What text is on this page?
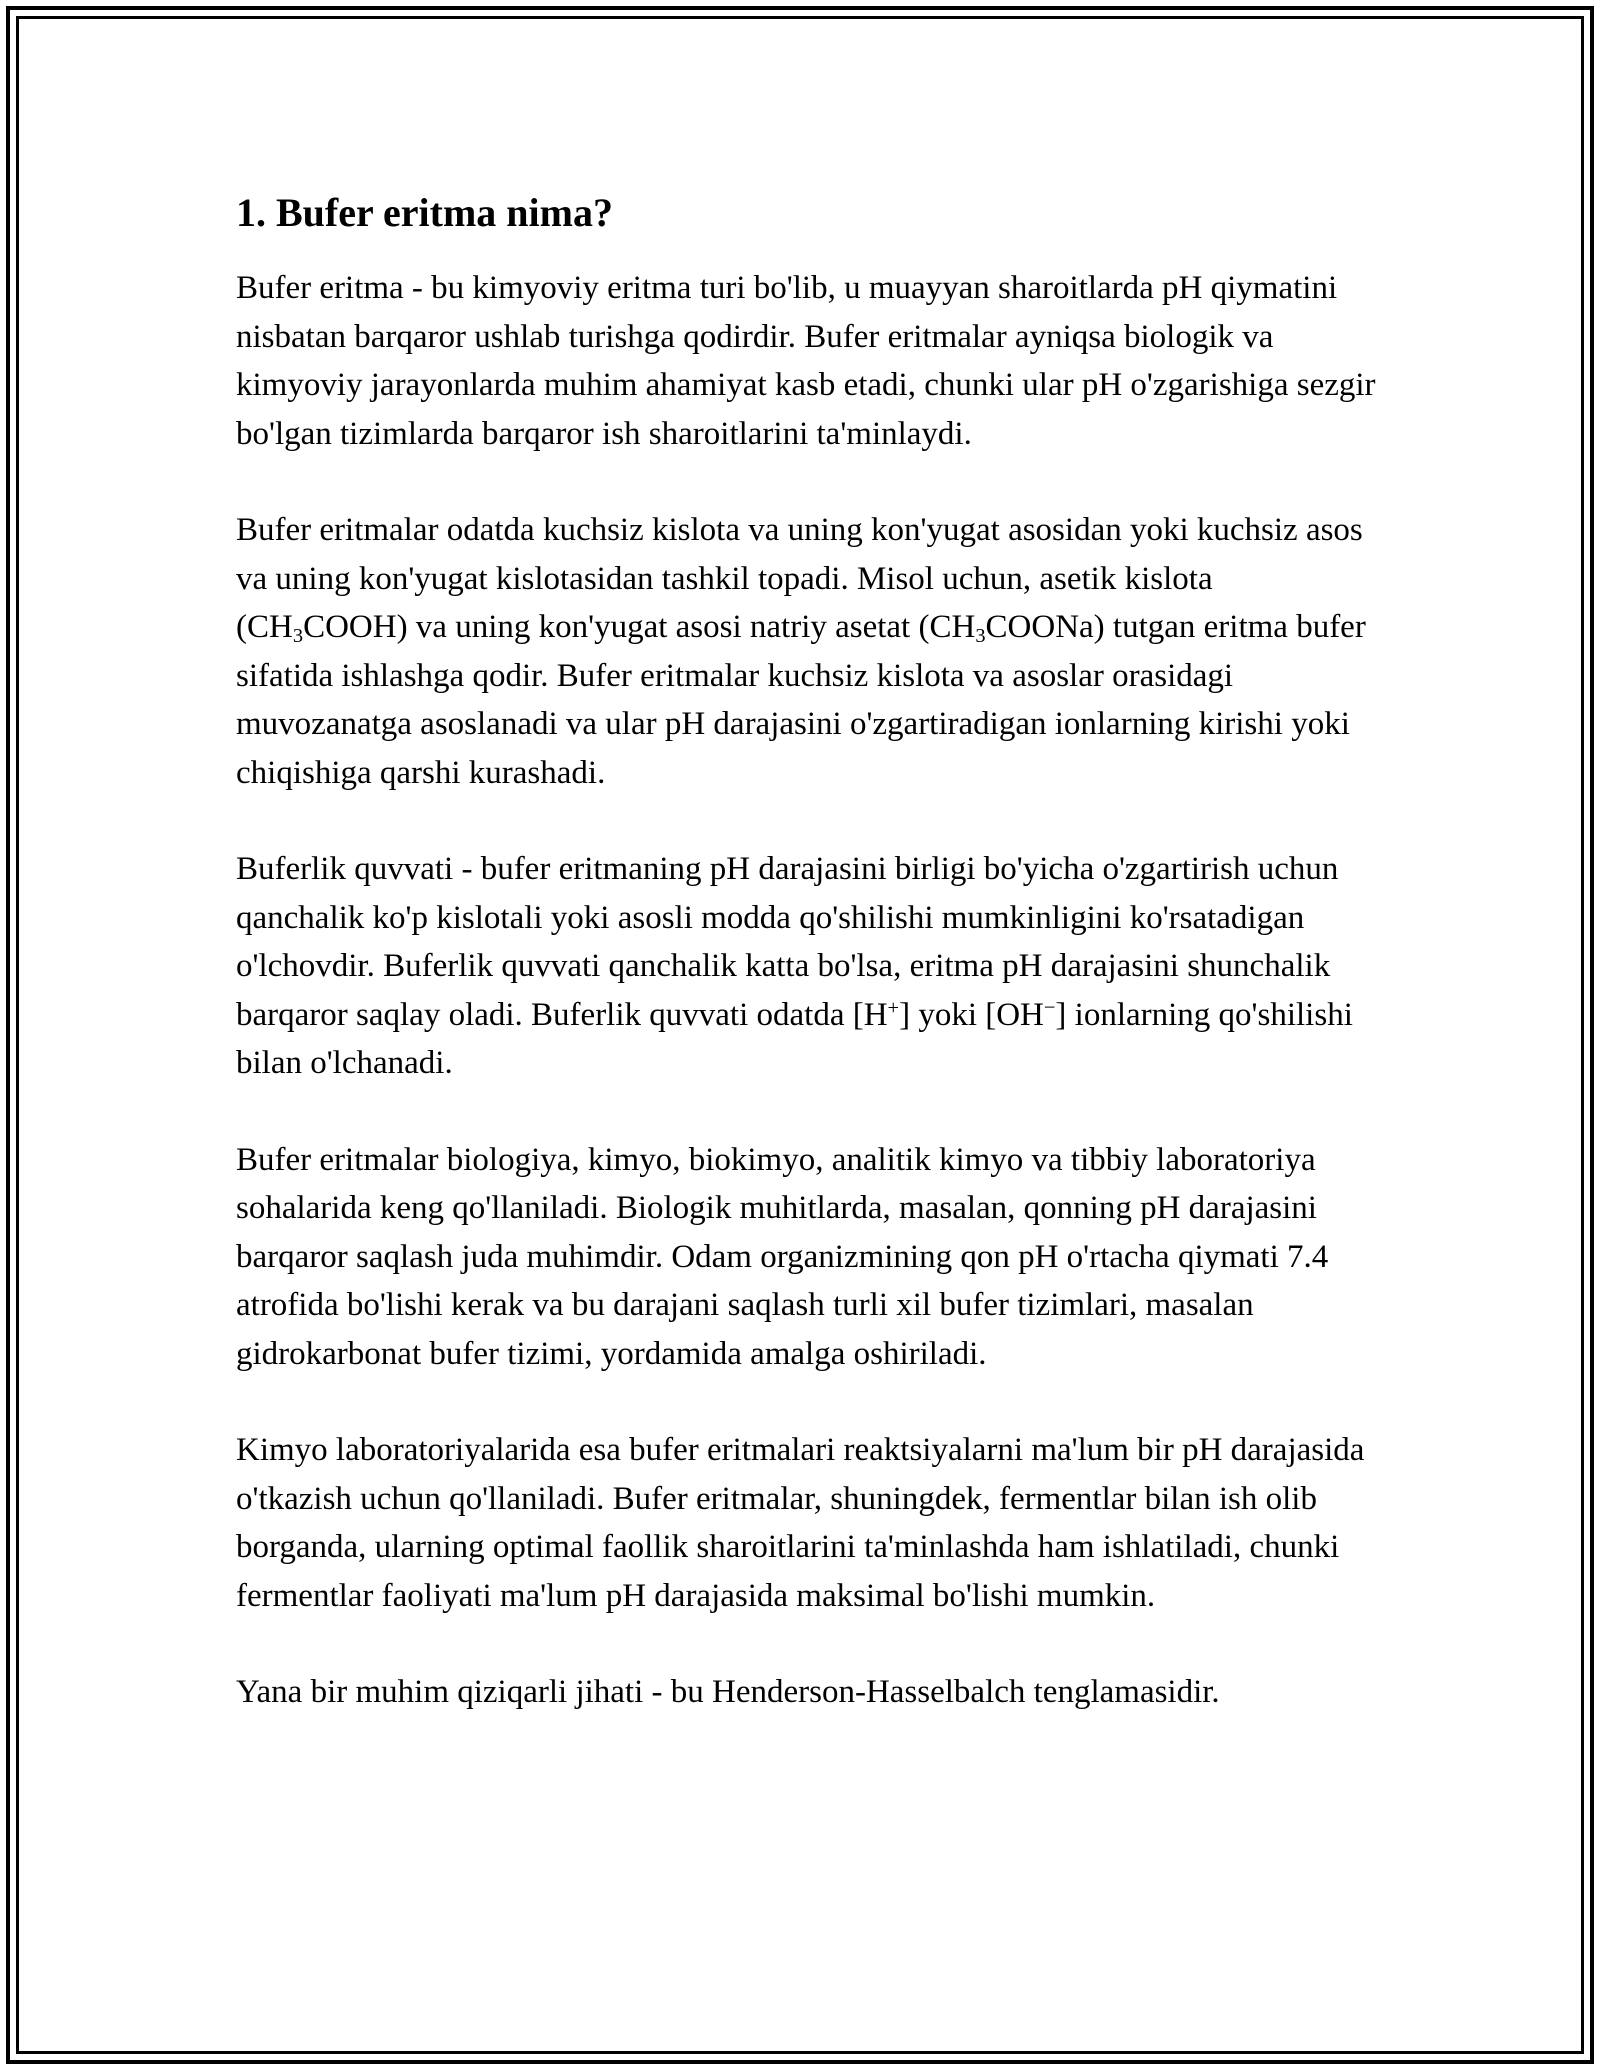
1. Bufer eritma nima?

Bufer eritma - bu kimyoviy eritma turi bo'lib, u muayyan sharoitlarda pH qiymatini nisbatan barqaror ushlab turishga qodirdir. Bufer eritmalar ayniqsa biologik va kimyoviy jarayonlarda muhim ahamiyat kasb etadi, chunki ular pH o'zgarishiga sezgir bo'lgan tizimlarda barqaror ish sharoitlarini ta'minlaydi.

Bufer eritmalar odatda kuchsiz kislota va uning kon'yugat asosidan yoki kuchsiz asos va uning kon'yugat kislotasidan tashkil topadi. Misol uchun, asetik kislota $(CH_3COOH)$ va uning kon'yugat asosi natriy asetat $(CH_3COONa)$ tutgan eritma bufer sifatida ishlashga qodir. Bufer eritmalar kuchsiz kislota va asoslar orasidagi muvozanatga asoslanadi va ular pH darajasini o'zgartiradigan ionlarning kirishi yoki chiqishiga qarshi kurashadi.

Buferlik quvvati - bufer eritmaning pH darajasini birligi bo'yicha o'zgartirish uchun qanchalik ko'p kislotali yoki asosli modda qo'shilishi mumkinligini ko'rsatadigan o'lchovdir. Buferlik quvvati qanchalik katta bo'lsa, eritma pH darajasini shunchalik barqaror saqlay oladi. Buferlik quvvati odatda [H+] yoki [OH−] ionlarning qo'shilishi bilan o'lchanadi.

Bufer eritmalar biologiya, kimyo, biokimyo, analitik kimyo va tibbiy laboratoriya sohalarida keng qo'llaniladi. Biologik muhitlarda, masalan, qonning pH darajasini barqaror saqlash juda muhimdir. Odam organizmining qon pH o'rtacha qiymati 7.4 atrofida bo'lishi kerak va bu darajani saqlash turli xil bufer tizimlari, masalan gidrokarbonat bufer tizimi, yordamida amalga oshiriladi.

Kimyo laboratoriyalarida esa bufer eritmalari reaktsiyalarni ma'lum bir pH darajasida o'tkazish uchun qo'llaniladi. Bufer eritmalar, shuningdek, fermentlar bilan ish olib borganda, ularning optimal faollik sharoitlarini ta'minlashda ham ishlatiladi, chunki fermentlar faoliyati ma'lum pH darajasida maksimal bo'lishi mumkin.

Yana bir muhim qiziqarli jihati - bu Henderson-Hasselbalch tenglamasidir.
